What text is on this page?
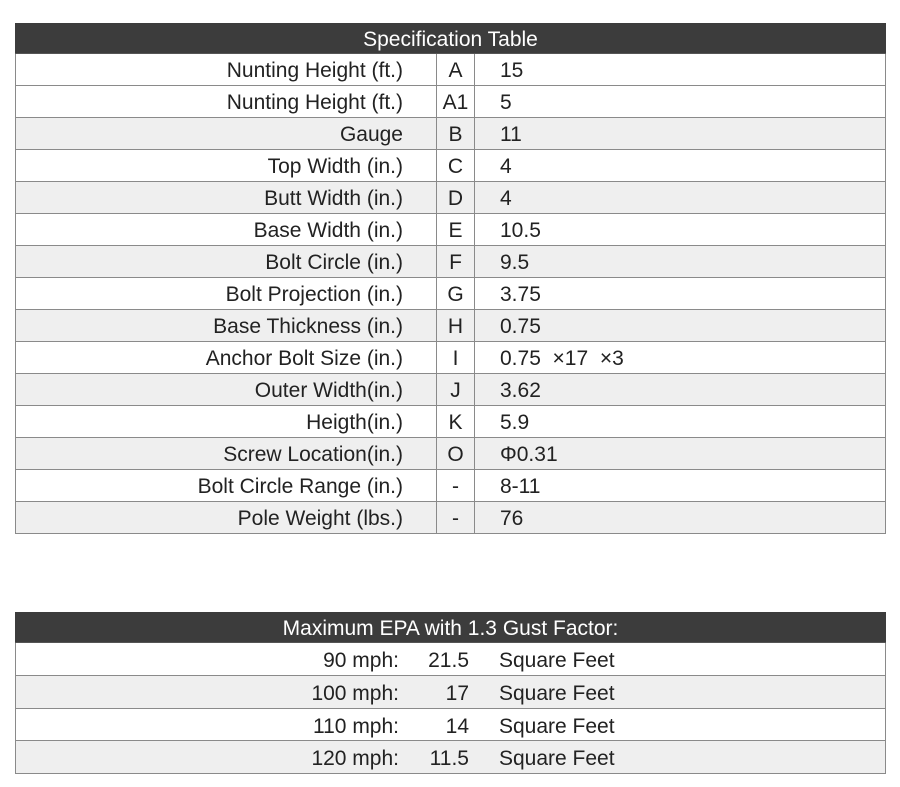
Specification Table
Nunting Height (ft.)	A	15
Nunting Height (ft.)	A1	5
Gauge	B	11
Top Width (in.)	C	4
Butt Width (in.)	D	4
Base Width (in.)	E	10.5
Bolt Circle (in.)	F	9.5
Bolt Projection (in.)	G	3.75
Base Thickness (in.)	H	0.75
Anchor Bolt Size (in.)	I	0.75  ×17  ×3
Outer Width(in.)	J	3.62
Heigth(in.)	K	5.9
Screw Location(in.)	O	Φ0.31
Bolt Circle Range (in.)	-	8-11
Pole Weight (lbs.)	-	76
Maximum EPA with 1.3 Gust Factor:
90 mph:	21.5 Square Feet
100 mph:	17 Square Feet
110 mph:	14 Square Feet
120 mph:	11.5 Square Feet
